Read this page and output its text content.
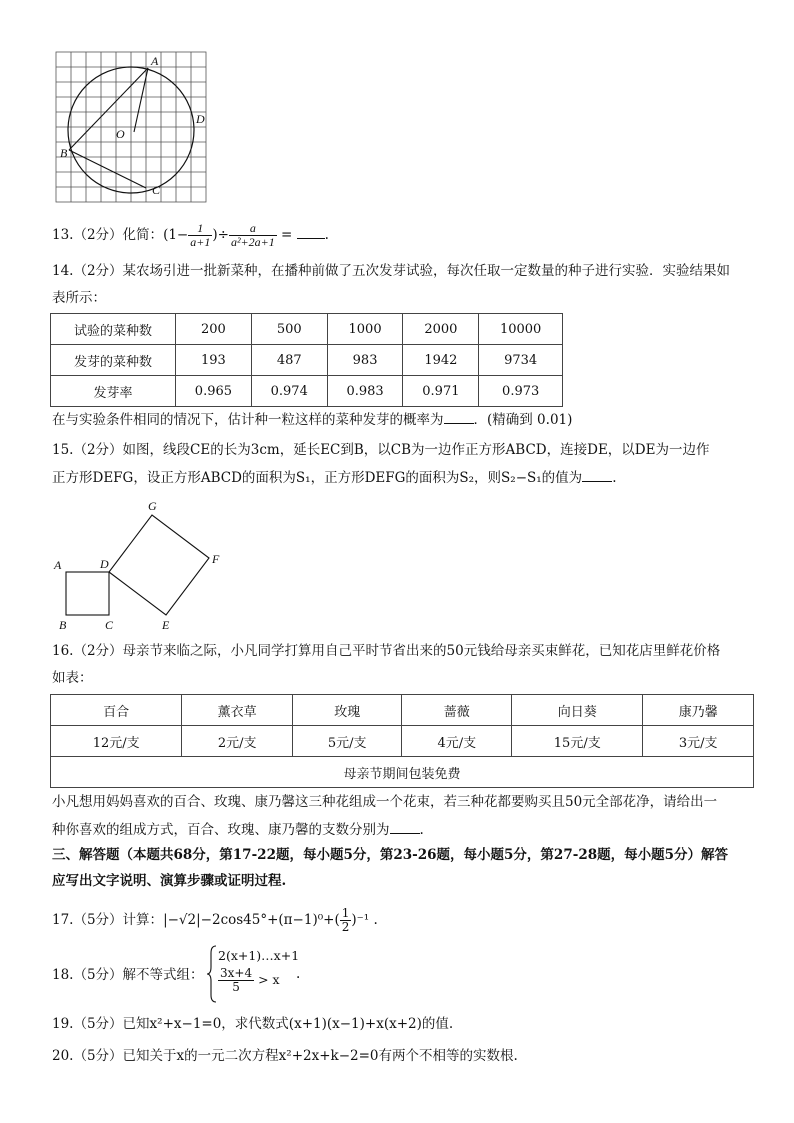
A
O
D
B
C
13.（2分）化简：($1- \frac{1}{a+1}$ )÷ $\frac{a}{\text{a²+2a+1}}$ = .
14.（2分）某农场引进一批新菜种，在播种前做了五次发芽试验，每次任取一定数量的种子进行实验．实验结果如
表所示：
试验的菜种数	200	500	1000	2000	10000
发芽的菜种数	193	487	983	1942	9734
发芽率	0.965	0.974	0.983	0.971	0.973
在与实验条件相同的情况下，估计种一粒这样的菜种发芽的概率为 ．(精确到 0.01)
15.（2分）如图，线段CE的长为3cm，延长EC到B，以CB为一边作正方形ABCD，连接DE，以DE为一边作
正方形DEFG，设正方形ABCD的面积为S₁，正方形DEFG的面积为S₂，则S₂−S₁的值为 .
G
F
A	D
B	C	E
16.（2分）母亲节来临之际，小凡同学打算用自己平时节省出来的50元钱给母亲买束鲜花，已知花店里鲜花价格
如表：
百合	薰衣草	玫瑰	蔷薇	向日葵	康乃馨
12元/支	2元/支	5元/支	4元/支	15元/支	3元/支
母亲节期间包装免费					
小凡想用妈妈喜欢的百合、玫瑰、康乃馨这三种花组成一个花束，若三种花都要购买且50元全部花净，请给出一
种你喜欢的组成方式，百合、玫瑰、康乃馨的支数分别为 .
三、解答题（本题共68分，第17-22题，每小题5分，第23-26题，每小题5分，第27-28题，每小题5分）解答
应写出文字说明、演算步骤或证明过程.
17.（5分）计算：$|-√2|-2\cos 45^\circ+(\pi-1)^0+( \frac{1}{2} )^{-1}$ .
18.（5分）解不等式组：
2(x+1)…x+1
$\frac{3x+4}{5} > x$ .
19.（5分）已知x²+x−1=0，求代数式(x+1)(x−1)+x(x+2)的值.
20.（5分）已知关于x的一元二次方程x²+2x+k−2=0有两个不相等的实数根.
